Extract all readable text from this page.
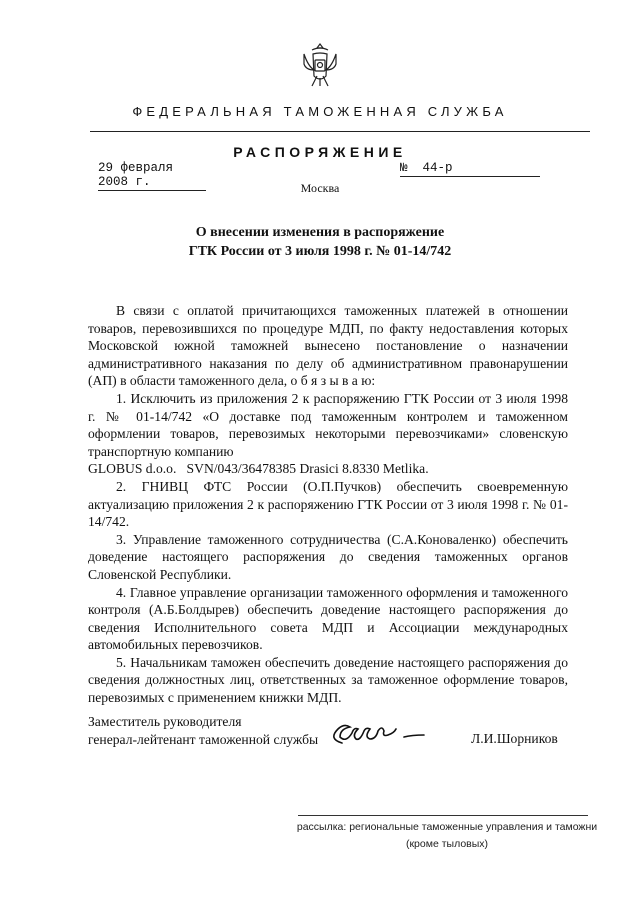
ФЕДЕРАЛЬНАЯ ТАМОЖЕННАЯ СЛУЖБА
РАСПОРЯЖЕНИЕ
29 февраля 2008 г.
№  44-р
Москва
О внесении изменения в распоряжение
ГТК России от 3 июля 1998 г. № 01-14/742

В связи с оплатой причитающихся таможенных платежей в отношении товаров, перевозившихся по процедуре МДП, по факту недоставления которых Московской южной таможней вынесено постановление о назначении административного наказания по делу об административном правонарушении (АП) в области таможенного дела, о б я з ы в а ю:

1. Исключить из приложения 2 к распоряжению ГТК России от 3 июля 1998 г. № 01-14/742 «О доставке под таможенным контролем и таможенном оформлении товаров, перевозимых некоторыми перевозчиками» словенскую транспортную компанию

GLOBUS d.o.o.   SVN/043/36478385 Drasici 8.8330 Metlika.

2. ГНИВЦ ФТС России (О.П.Пучков) обеспечить своевременную актуализацию приложения 2 к распоряжению ГТК России от 3 июля 1998 г. № 01-14/742.

3. Управление таможенного сотрудничества (С.А.Коноваленко) обеспечить доведение настоящего распоряжения до сведения таможенных органов Словенской Республики.

4. Главное управление организации таможенного оформления и таможенного контроля (А.Б.Болдырев) обеспечить доведение настоящего распоряжения до сведения Исполнительного совета МДП и Ассоциации международных автомобильных перевозчиков.

5. Начальникам таможен обеспечить доведение настоящего распоряжения до сведения должностных лиц, ответственных за таможенное оформление товаров, перевозимых с применением книжки МДП.

Заместитель руководителя
генерал-лейтенант таможенной службы	Л.И.Шорников
рассылка: региональные таможенные управления и таможни
(кроме тыловых)
